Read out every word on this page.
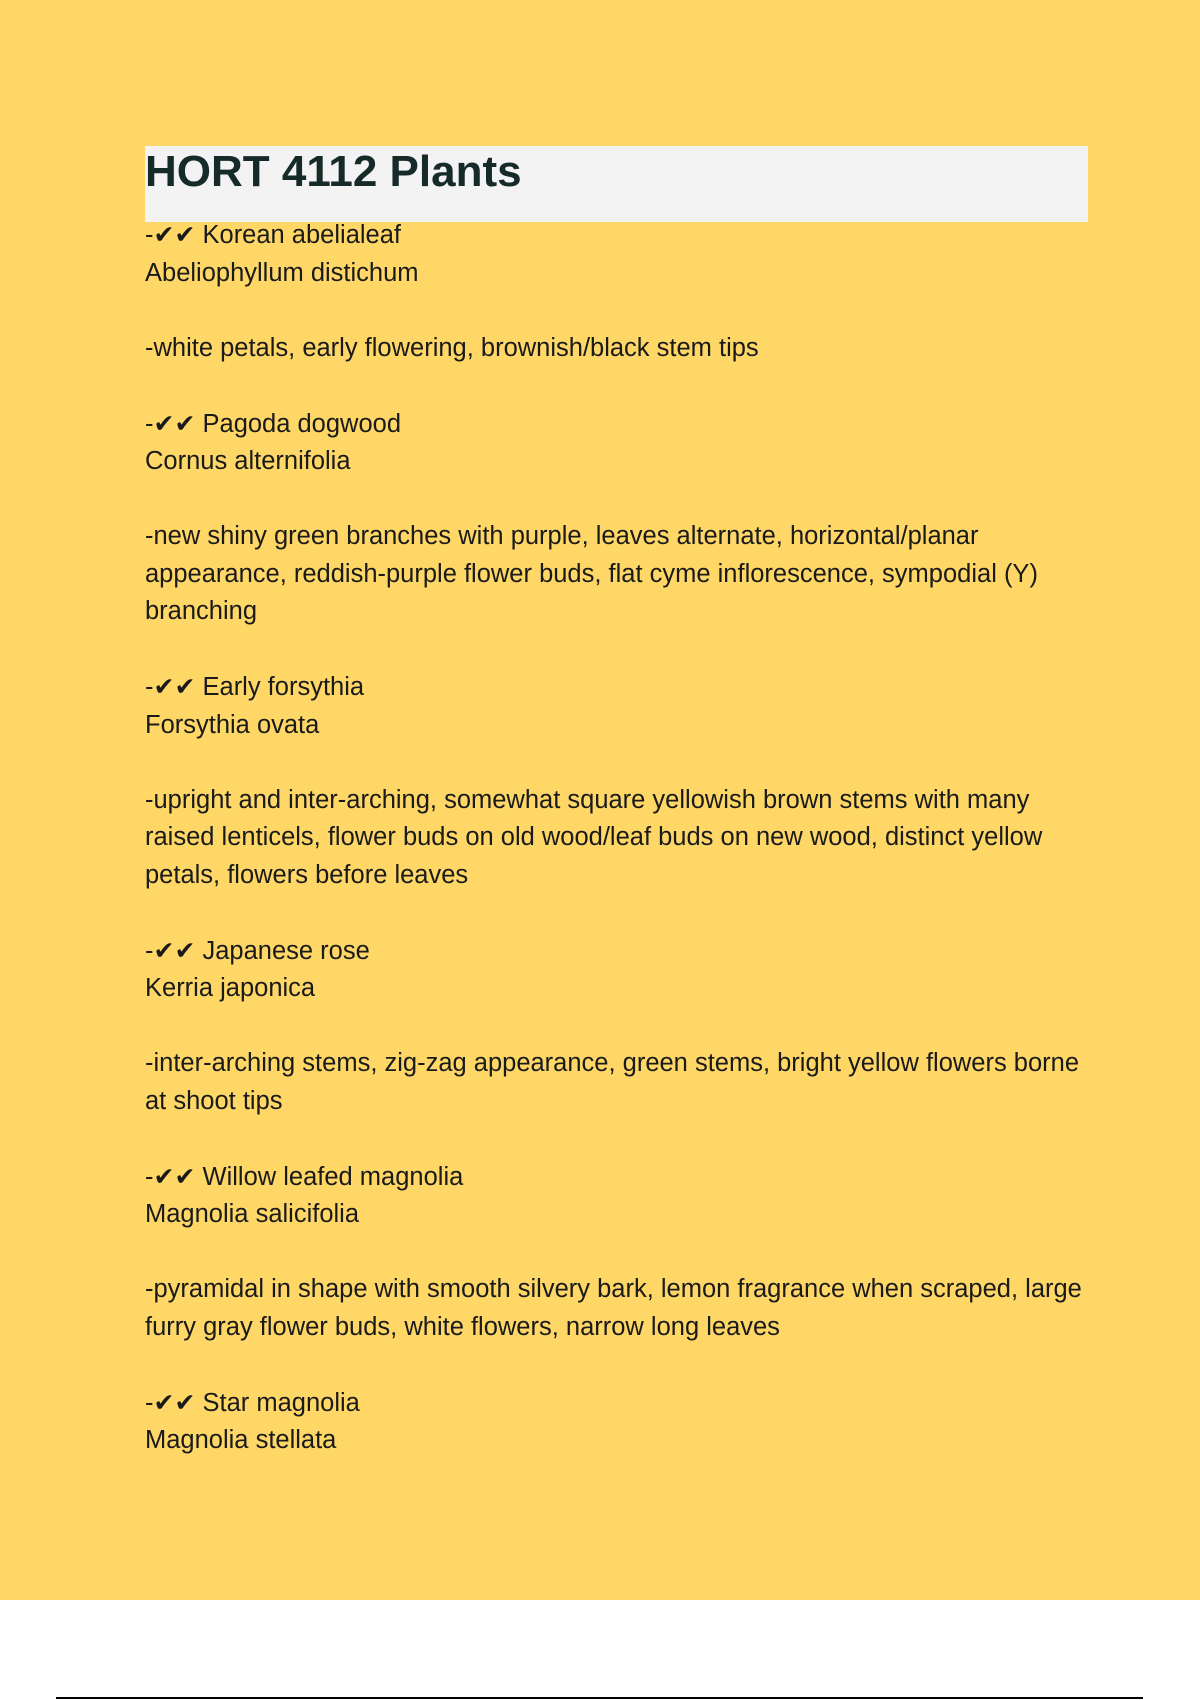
HORT 4112 Plants
-✔✔ Korean abelialeaf
Abeliophyllum distichum
-white petals, early flowering, brownish/black stem tips
-✔✔ Pagoda dogwood
Cornus alternifolia
-new shiny green branches with purple, leaves alternate, horizontal/planar appearance, reddish-purple flower buds, flat cyme inflorescence, sympodial (Y) branching
-✔✔ Early forsythia
Forsythia ovata
-upright and inter-arching, somewhat square yellowish brown stems with many raised lenticels, flower buds on old wood/leaf buds on new wood, distinct yellow petals, flowers before leaves
-✔✔ Japanese rose
Kerria japonica
-inter-arching stems, zig-zag appearance, green stems, bright yellow flowers borne at shoot tips
-✔✔ Willow leafed magnolia
Magnolia salicifolia
-pyramidal in shape with smooth silvery bark, lemon fragrance when scraped, large furry gray flower buds, white flowers, narrow long leaves
-✔✔ Star magnolia
Magnolia stellata
